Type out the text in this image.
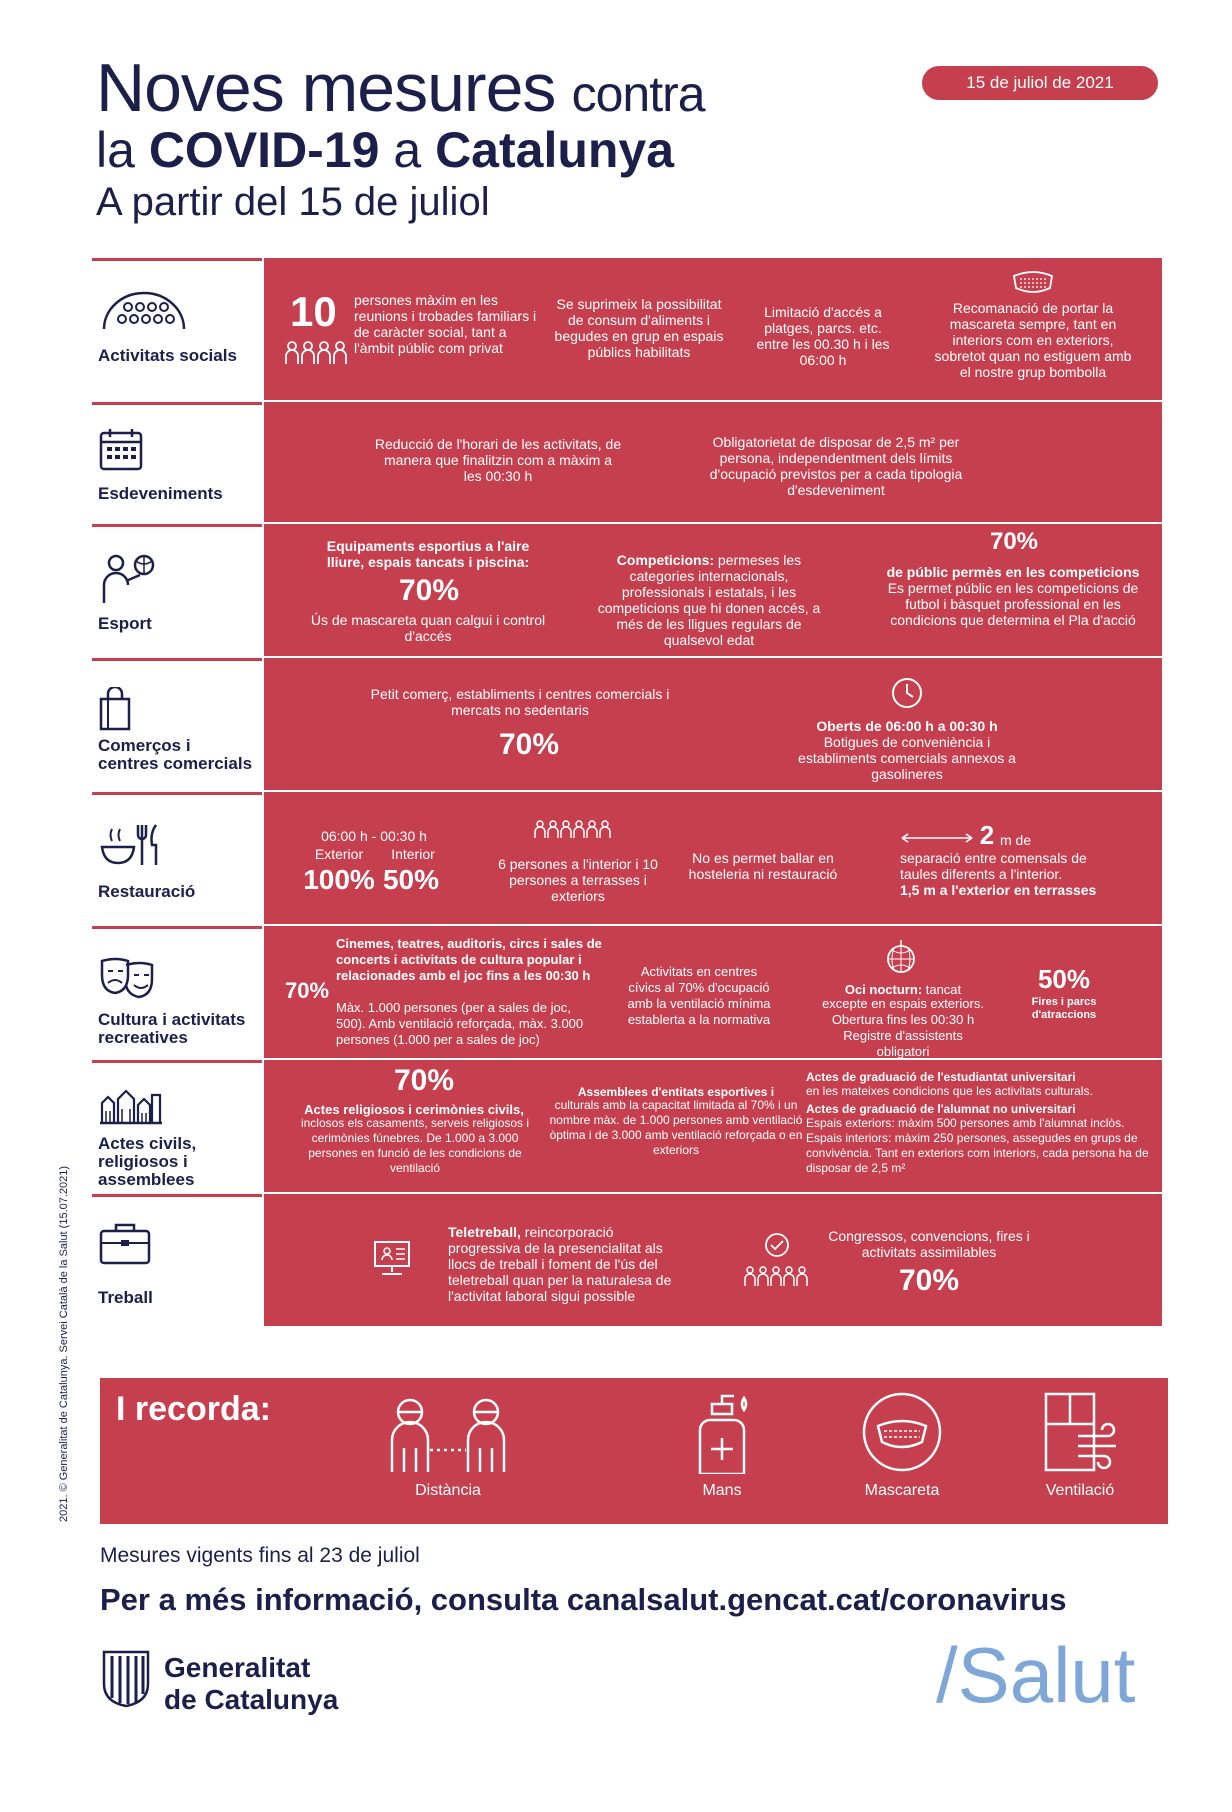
Noves mesures contra
la COVID-19 a Catalunya
A partir del 15 de juliol
15 de juliol de 2021
Activitats socials
10 persones màxim en les reunions i trobades familiars i de caràcter social, tant a l'àmbit públic com privat
Se suprimeix la possibilitat de consum d'aliments i begudes en grup en espais públics habilitats
Limitació d'accés a platges, parcs. etc. entre les 00.30 h i les 06:00 h
Recomanació de portar la mascareta sempre, tant en interiors com en exteriors, sobretot quan no estiguem amb el nostre grup bombolla
Esdeveniments
Reducció de l'horari de les activitats, de manera que finalitzin com a màxim a les 00:30 h
Obligatorietat de disposar de 2,5 m² per persona, independentment dels límits d'ocupació previstos per a cada tipologia d'esdeveniment
Esport
Equipaments esportius a l'aire lliure, espais tancats i piscina:
70%
Ús de mascareta quan calgui i control d'accés
Competicions: permeses les categories internacionals, professionals i estatals, i les competicions que hi donen accés, a més de les lligues regulars de qualsevol edat
70%
de públic permès en les competicions
Es permet públic en les competicions de futbol i bàsquet professional en les condicions que determina el Pla d'acció
Comerços i
centres comercials
Petit comerç, establiments i centres comercials i mercats no sedentaris
70%
Oberts de 06:00 h a 00:30 h
Botigues de conveniència i establiments comercials annexos a gasolineres
Restauració
06:00 h - 00:30 h
Exterior	Interior
100% 50%	6 persones a l'interior i 10 persones a terrasses i exteriors
No es permet ballar en hosteleria ni restauració
2 m de
separació entre comensals de taules diferents a l'interior.
1,5 m a l'exterior en terrasses
Cultura i activitats
recreatives
70%
Cinemes, teatres, auditoris, circs i sales de concerts i activitats de cultura popular i relacionades amb el joc fins a les 00:30 h
Màx. 1.000 persones (per a sales de joc, 500). Amb ventilació reforçada, màx. 3.000 persones (1.000 per a sales de joc)
Activitats en centres cívics al 70% d'ocupació amb la ventilació mínima establerta a la normativa
Oci nocturn: tancat
excepte en espais exteriors. Obertura fins les 00:30 h Registre d'assistents obligatori
50%
Fires i parcs d'atraccions
Actes civils,
religiosos i
assemblees
70%
Actes religiosos i cerimònies civils,
inclosos els casaments, serveis religiosos i cerimònies fúnebres. De 1.000 a 3.000 persones en funció de les condicions de ventilació
Assemblees d'entitats esportives i
culturals amb la capacitat limitada al 70% i un nombre màx. de 1.000 persones amb ventilació òptima i de 3.000 amb ventilació reforçada o en exteriors
Actes de graduació de l'estudiantat universitari
en les mateixes condicions que les activitats culturals.
Actes de graduació de l'alumnat no universitari
Espais exteriors: màxim 500 persones amb l'alumnat inclòs. Espais interiors: màxim 250 persones, assegudes en grups de convivència. Tant en exteriors com interiors, cada persona ha de disposar de 2,5 m²
Treball
Teletreball, reincorporació progressiva de la presencialitat als llocs de treball i foment de l'ús del teletreball quan per la naturalesa de l'activitat laboral sigui possible
Congressos, convencions, fires i activitats assimilables
70%
2021. © Generalitat de Catalunya. Servei Català de la Salut (15.07.2021) I recorda:
Distància	Mans	Mascareta	Ventilació
Mesures vigents fins al 23 de juliol
Per a més informació, consulta canalsalut.gencat.cat/coronavirus
Generalitat
de Catalunya	/Salut
